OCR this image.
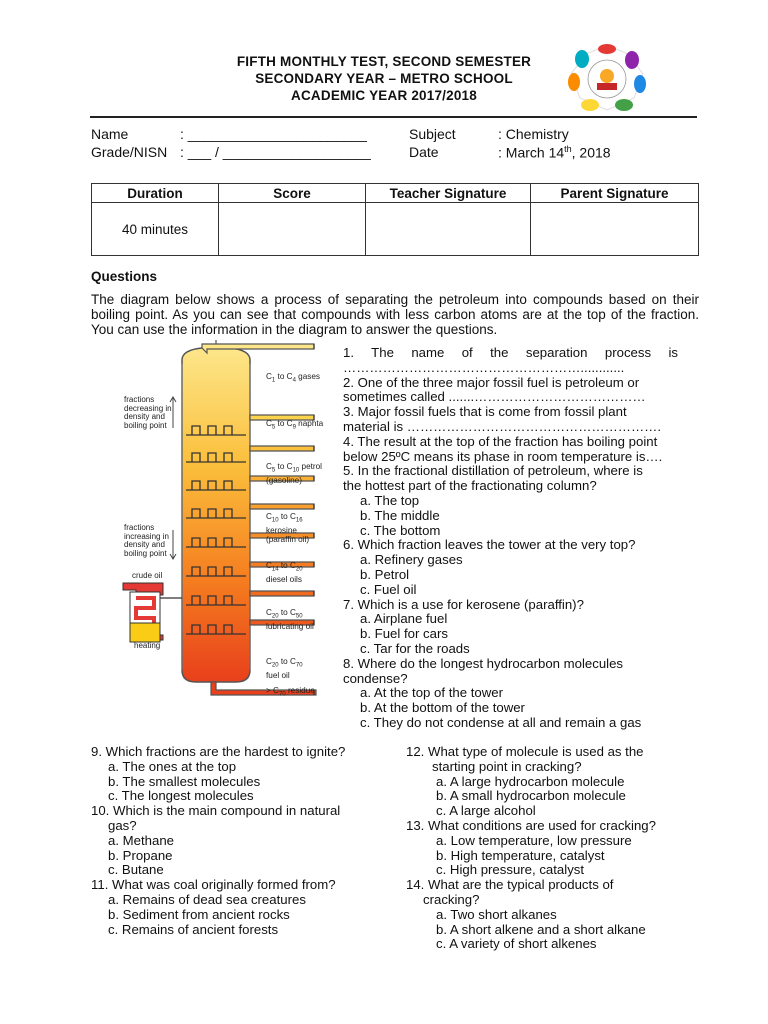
FIFTH MONTHLY TEST, SECOND SEMESTER
SECONDARY YEAR – METRO SCHOOL
ACADEMIC YEAR 2017/2018
Name	: _______________________
Grade/NISN : ___ / ___________________
Subject	: Chemistry
Date	: March 14th, 2018
Duration	Score	Teacher Signature	Parent Signature
40 minutes			
Questions
The diagram below shows a process of separating the petroleum into compounds based on their boiling point. As you can see that compounds with less carbon atoms are at the top of the fraction. You can use the information in the diagram to answer the questions.
fractions
decreasing in
density and
boiling point
fractions
increasing in
density and
boiling point
crude oil
heating
$C_1$ to $C_4$ gases
$C_5$ to $C_9$ naphta
$C_5$ to $C_{10}$ petrol
(gasoline)
$C_{10}$ to $C_{16}$
kerosine
(paraffin oil)
$C_{14}$ to $C_{20}$
diesel oils
$C_{20}$ to $C_{50}$
lubricating oil
$C_{20}$ to $C_{70}$
fuel oil
> $C_{70}$ residue
1. The name of the separation process is
………………………………………………............
2. One of the three major fossil fuel is petroleum or
sometimes called .......…………………………………
3. Major fossil fuels that is come from fossil plant
material is ………………………………………………….
4. The result at the top of the fraction has boiling point
below 25ºC means its phase in room temperature is….
5. In the fractional distillation of petroleum, where is
the hottest part of the fractionating column?
a. The top
b. The middle
c. The bottom
6. Which fraction leaves the tower at the very top?
a. Refinery gases
b. Petrol
c. Fuel oil
7. Which is a use for kerosene (paraffin)?
a. Airplane fuel
b. Fuel for cars
c. Tar for the roads
8. Where do the longest hydrocarbon molecules
condense?
a. At the top of the tower
b. At the bottom of the tower
c. They do not condense at all and remain a gas
9. Which fractions are the hardest to ignite?
a. The ones at the top
b. The smallest molecules
c. The longest molecules
10. Which is the main compound in natural
gas?
a. Methane
b. Propane
c. Butane
11. What was coal originally formed from?
a. Remains of dead sea creatures
b. Sediment from ancient rocks
c. Remains of ancient forests
12. What type of molecule is used as the
starting point in cracking?
a. A large hydrocarbon molecule
b. A small hydrocarbon molecule
c. A large alcohol
13. What conditions are used for cracking?
a. Low temperature, low pressure
b. High temperature, catalyst
c. High pressure, catalyst
14. What are the typical products of
cracking?
a. Two short alkanes
b. A short alkene and a short alkane
c. A variety of short alkenes
